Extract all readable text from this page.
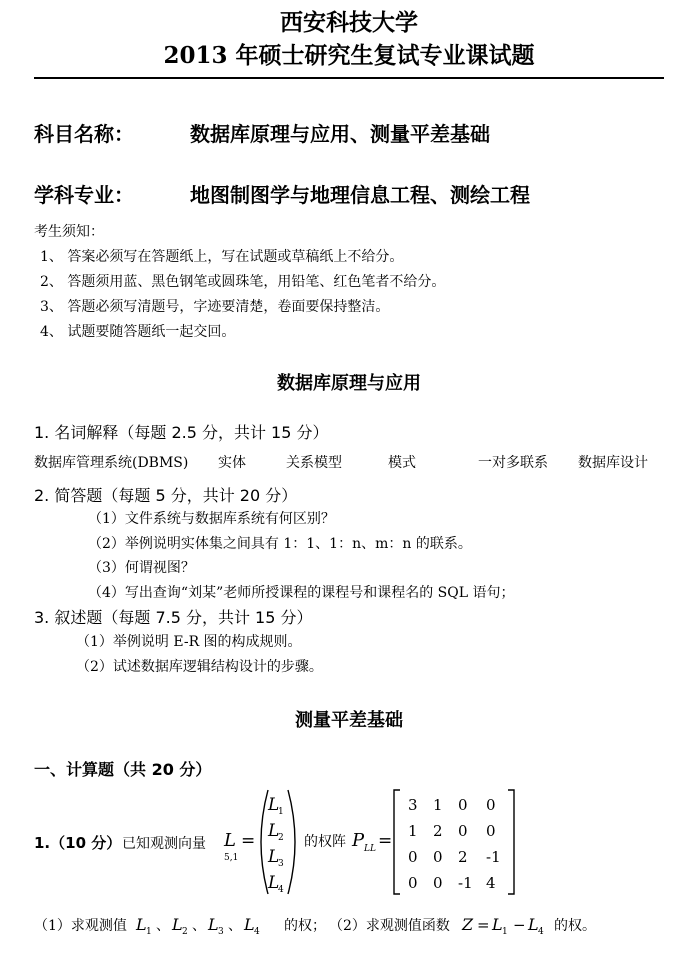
西安科技大学
2013 年硕士研究生复试专业课试题
科目名称：	数据库原理与应用、测量平差基础
学科专业：	地图制图学与地理信息工程、测绘工程
考生须知：
1、 答案必须写在答题纸上，写在试题或草稿纸上不给分。
2、 答题须用蓝、黑色钢笔或圆珠笔，用铅笔、红色笔者不给分。
3、 答题必须写清题号，字迹要清楚，卷面要保持整洁。
4、 试题要随答题纸一起交回。
数据库原理与应用
1. 名词解释（每题 2.5 分，共计 15 分）
数据库管理系统(DBMS) 实体	关系模型	模式	一对多联系 数据库设计
2. 简答题（每题 5 分，共计 20 分）
（1）文件系统与数据库系统有何区别？
（2）举例说明实体集之间具有 1：1、1：n、m：n 的联系。
（3）何谓视图？
（4）写出查询“刘某”老师所授课程的课程号和课程名的 SQL 语句；
3. 叙述题（每题 7.5 分，共计 15 分）
（1）举例说明 E-R 图的构成规则。
（2）试述数据库逻辑结构设计的步骤。
测量平差基础
一、计算题（共 20 分）
1.（10 分） 已知观测向量 L
5,1
=
L
1
L
2
L
3
L
4
的权阵 P LL =
3 1 0 0
1 2 0 0
0 0 2 -1
0 0 -1 4
（1）求观测值 L 1 、 L 2 、 L 3 、 L 4 的权； （2）求观测值函数 Z = L 1 − L 4 的权。
